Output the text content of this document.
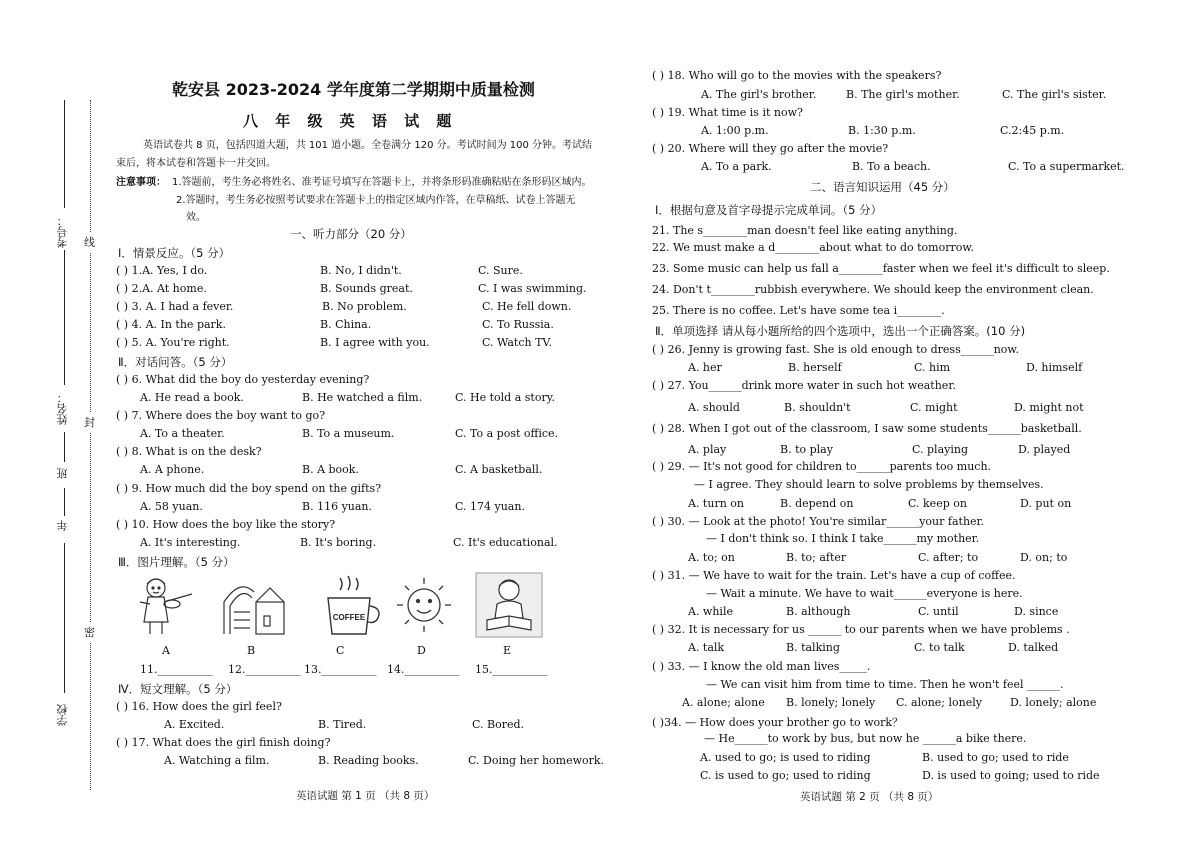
考号：
姓名：
班
年
学校
线
封
密
乾安县 2023-2024 学年度第二学期期中质量检测
八 年 级 英 语 试 题
英语试卷共 8 页，包括四道大题，共 101 道小题。全卷满分 120 分。考试时间为 100 分钟。考试结
束后，将本试卷和答题卡一并交回。
注意事项： 1.答题前，考生务必将姓名、准考证号填写在答题卡上，并将条形码准确粘贴在条形码区域内。
2.答题时，考生务必按照考试要求在答题卡上的指定区域内作答，在草稿纸、试卷上答题无
效。
一、听力部分（20 分）
Ⅰ．情景反应。（5 分）
( ) 1.A. Yes, I do.	B. No, I didn't.	C. Sure.
( ) 2.A. At home.	B. Sounds great.	C. I was swimming.
( ) 3. A. I had a fever.	B. No problem.	C. He fell down.
( ) 4. A. In the park.	B. China.	C. To Russia.
( ) 5. A. You're right.	B. I agree with you.	C. Watch TV.
Ⅱ．对话问答。（5 分）
( ) 6. What did the boy do yesterday evening?
A. He read a book.	B. He watched a film.	C. He told a story.
( ) 7. Where does the boy want to go?
A. To a theater.	B. To a museum.	C. To a post office.
( ) 8. What is on the desk?
A. A phone.	B. A book.	C. A basketball.
( ) 9. How much did the boy spend on the gifts?
A. 58 yuan.	B. 116 yuan.	C. 174 yuan.
( ) 10. How does the boy like the story?
A. It's interesting.	B. It's boring.	C. It's educational.
Ⅲ．图片理解。（5 分）
COFFEE
A	B	C	D	E
11.__________ 12.__________ 13.__________ 14.__________ 15.__________
Ⅳ．短文理解。（5 分）
( ) 16. How does the girl feel?
A. Excited.	B. Tired.	C. Bored.
( ) 17. What does the girl finish doing?
A. Watching a film.	B. Reading books.	C. Doing her homework.
英语试题 第 1 页 （共 8 页）
( ) 18. Who will go to the movies with the speakers?
A. The girl's brother.	B. The girl's mother.	C. The girl's sister.
( ) 19. What time is it now?
A. 1:00 p.m.	B. 1:30 p.m.	C.2:45 p.m.
( ) 20. Where will they go after the movie?
A. To a park.	B. To a beach.	C. To a supermarket.
二、语言知识运用（45 分）
Ⅰ．根据句意及首字母提示完成单词。（5 分）
21. The s________man doesn't feel like eating anything.
22. We must make a d________about what to do tomorrow.
23. Some music can help us fall a________faster when we feel it's difficult to sleep.
24. Don't t________rubbish everywhere. We should keep the environment clean.
25. There is no coffee. Let's have some tea i________.
Ⅱ．单项选择 请从每小题所给的四个选项中，选出一个正确答案。(10 分)
( ) 26. Jenny is growing fast. She is old enough to dress______now.
A. her	B. herself	C. him	D. himself
( ) 27. You______drink more water in such hot weather.
A. should	B. shouldn't	C. might	D. might not
( ) 28. When I got out of the classroom, I saw some students______basketball.
A. play	B. to play	C. playing	D. played
( ) 29. — It's not good for children to______parents too much.
— I agree. They should learn to solve problems by themselves.
A. turn on	B. depend on	C. keep on	D. put on
( ) 30. — Look at the photo! You're similar______your father.
— I don't think so. I think I take______my mother.
A. to; on	B. to; after	C. after; to	D. on; to
( ) 31. — We have to wait for the train. Let's have a cup of coffee.
— Wait a minute. We have to wait______everyone is here.
A. while	B. although	C. until	D. since
( ) 32. It is necessary for us ______ to our parents when we have problems .
A. talk	B. talking	C. to talk	D. talked
( ) 33. — I know the old man lives_____.
— We can visit him from time to time. Then he won't feel ______.
A. alone; alone B. lonely; lonely C. alone; lonely	D. lonely; alone
( )34. — How does your brother go to work？
— He______to work by bus, but now he ______a bike there.
A. used to go; is used to riding	B. used to go; used to ride
C. is used to go; used to riding	D. is used to going; used to ride
英语试题 第 2 页 （共 8 页）
